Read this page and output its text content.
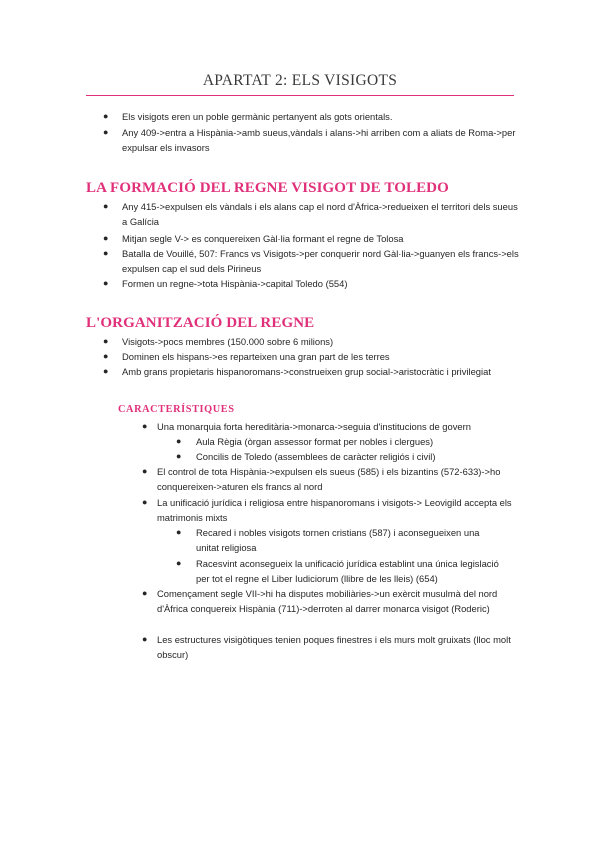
APARTAT 2: ELS VISIGOTS
● Els visigots eren un poble germànic pertanyent als gots orientals.
● Any 409->entra a Hispània->amb sueus,vàndals i alans->hi arriben com a aliats de Roma->per expulsar els invasors
LA FORMACIÓ DEL REGNE VISIGOT DE TOLEDO
● Any 415->expulsen els vàndals i els alans cap el nord d'Àfrica->redueixen el territori dels sueus a Galícia
● Mitjan segle V-> es conquereixen Gàl·lia formant el regne de Tolosa
● Batalla de Vouillé, 507: Francs vs Visigots->per conquerir nord Gàl·lia->guanyen els francs->els expulsen cap el sud dels Pirineus
● Formen un regne->tota Hispània->capital Toledo (554)
L'ORGANITZACIÓ DEL REGNE
● Visigots->pocs membres (150.000 sobre 6 milions)
● Dominen els hispans->es reparteixen una gran part de les terres
● Amb grans propietaris hispanoromans->construeixen grup social->aristocràtic i privilegiat
CARACTERÍSTIQUES
● Una monarquia forta hereditària->monarca->seguia d'institucions de govern
● Aula Règia (òrgan assessor format per nobles i clergues)
● Concilis de Toledo (assemblees de caràcter religiós i civil)
● El control de tota Hispània->expulsen els sueus (585) i els bizantins (572-633)->ho conquereixen->aturen els francs al nord
● La unificació jurídica i religiosa entre hispanoromans i visigots-> Leovigild accepta els matrimonis mixts
● Recared i nobles visigots tornen cristians (587) i aconsegueixen una unitat religiosa
● Racesvint aconsegueix la unificació jurídica establint una única legislació per tot el regne el Liber Iudiciorum (llibre de les lleis) (654)
● Començament segle VII->hi ha disputes mobiliàries->un exèrcit musulmà del nord d'Àfrica conquereix Hispània (711)->derroten al darrer monarca visigot (Roderic)
● Les estructures visigòtiques tenien poques finestres i els murs molt gruixats (lloc molt obscur)
